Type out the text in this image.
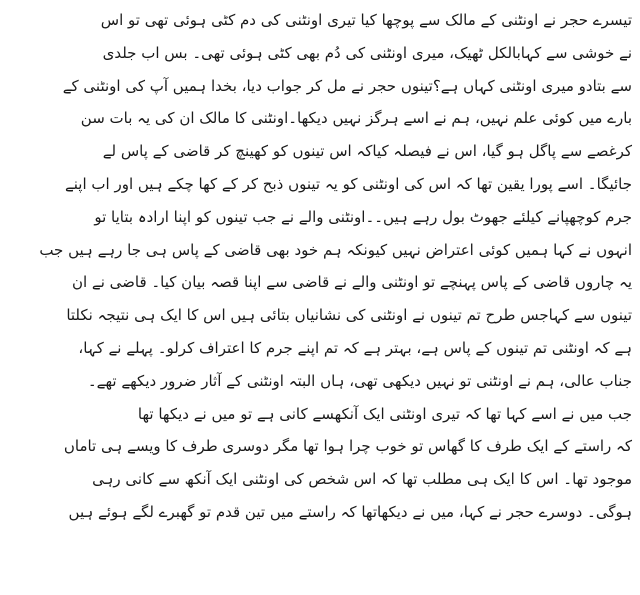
تیسرے حجر نے اونٹنی کے مالک سے پوچھا کیا تیری اونٹنی کی دم کٹی ہوئی تھی تو اس
نے خوشی سے کہابالکل ٹھیک، میری اونٹنی کی دُم بھی کٹی ہوئی تھی۔ بس اب جلدی
سے بتادو میری اونٹنی کہاں ہے؟تینوں حجر نے مل کر جواب دیا، بخدا ہمیں آپ کی اونٹنی کے
بارے میں کوئی علم نہیں، ہم نے اسے ہرگز نہیں دیکھا۔اونٹنی کا مالک ان کی یہ بات سن
کرغصے سے پاگل ہو گیا، اس نے فیصلہ کیاکہ اس تینوں کو کھینچ کر قاضی کے پاس لے
جائیگا۔ اسے پورا یقین تھا کہ اس کی اونٹنی کو یہ تینوں ذبح کر کے کھا چکے ہیں اور اب اپنے
جرم کوچھپانے کیلئے جھوٹ بول رہے ہیں۔۔اونٹنی والے نے جب تینوں کو اپنا ارادہ بتایا تو
انہوں نے کہا ہمیں کوئی اعتراض نہیں کیونکہ ہم خود بھی قاضی کے پاس ہی جا رہے ہیں جب
یہ چاروں قاضی کے پاس پہنچے تو اونٹنی والے نے قاضی سے اپنا قصہ بیان کیا۔ قاضی نے ان
تینوں سے کہاجس طرح تم تینوں نے اونٹنی کی نشانیاں بتائی ہیں اس کا ایک ہی نتیجہ نکلتا
ہے کہ اونٹنی تم تینوں کے پاس ہے، بہتر ہے کہ تم اپنے جرم کا اعتراف کرلو۔ پہلے نے کہا،
جناب عالی، ہم نے اونٹنی تو نہیں دیکھی تھی، ہاں البتہ اونٹنی کے آثار ضرور دیکھے تھے۔
جب میں نے اسے کہا تھا کہ تیری اونٹنی ایک آنکھسے کانی ہے تو میں نے دیکھا تھا
کہ راستے کے ایک طرف کا گھاس تو خوب چرا ہوا تھا مگر دوسری طرف کا ویسے ہی تاماں
موجود تھا۔ اس کا ایک ہی مطلب تھا کہ اس شخص کی اونٹنی ایک آنکھ سے کانی رہی
ہوگی۔ دوسرے حجر نے کہا، میں نے دیکھاتھا کہ راستے میں تین قدم تو گھبرے لگے ہوئے ہیں
